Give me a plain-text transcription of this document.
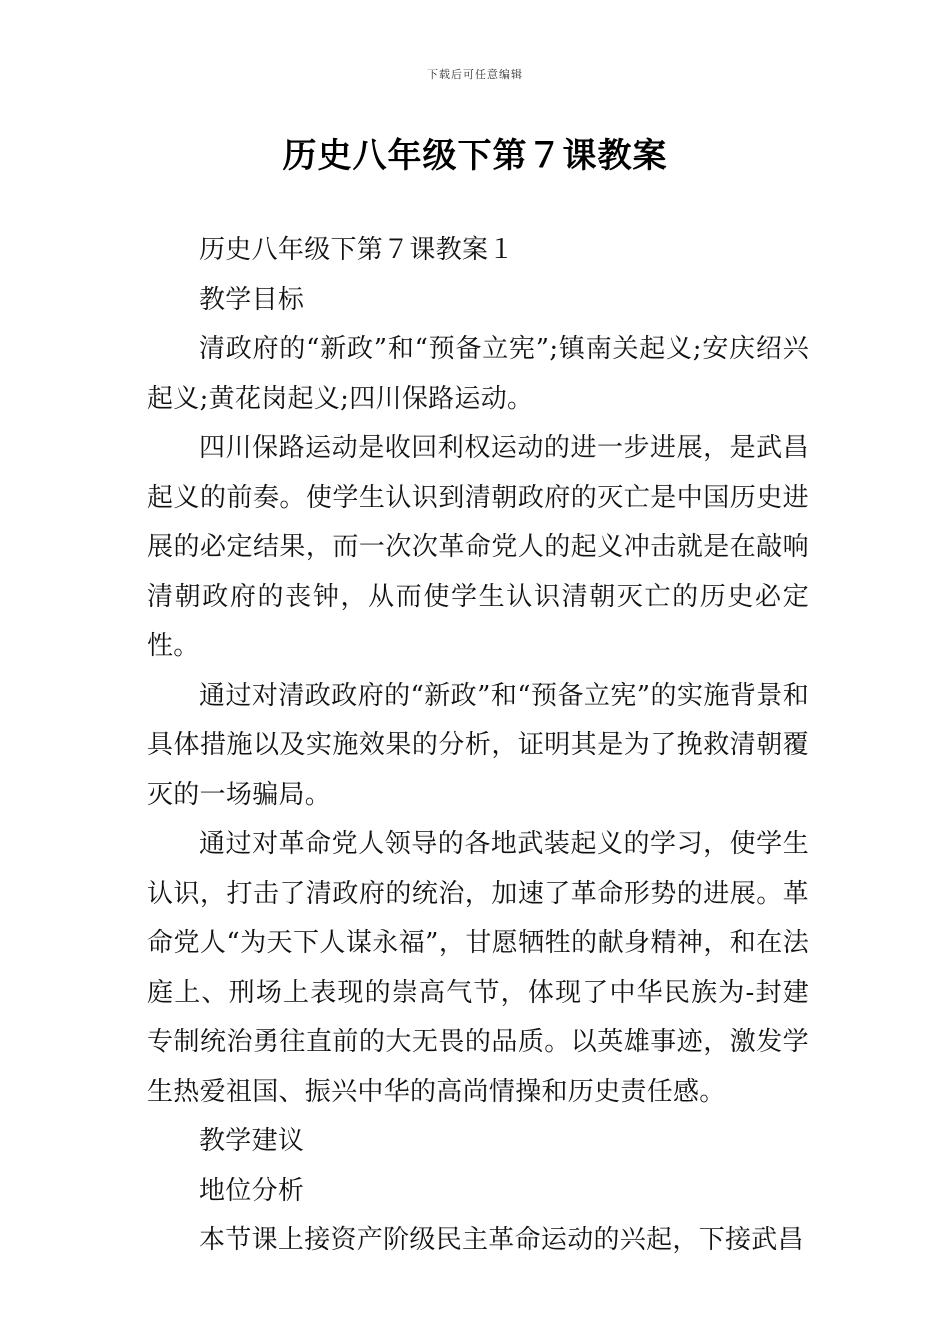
下载后可任意编辑
历史八年级下第７课教案

历史八年级下第７课教案１

教学目标

清政府的“新政”和“预备立宪”;镇南关起义;安庆绍兴起义;黄花岗起义;四川保路运动。

四川保路运动是收回利权运动的进一步进展，是武昌起义的前奏。使学生认识到清朝政府的灭亡是中国历史进展的必定结果，而一次次革命党人的起义冲击就是在敲响清朝政府的丧钟，从而使学生认识清朝灭亡的历史必定性。

通过对清政政府的“新政”和“预备立宪”的实施背景和具体措施以及实施效果的分析，证明其是为了挽救清朝覆灭的一场骗局。

通过对革命党人领导的各地武装起义的学习，使学生认识，打击了清政府的统治，加速了革命形势的进展。革命党人“为天下人谋永福”，甘愿牺牲的献身精神，和在法庭上、刑场上表现的崇高气节，体现了中华民族为-封建专制统治勇往直前的大无畏的品质。以英雄事迹，激发学生热爱祖国、振兴中华的高尚情操和历史责任感。

教学建议

地位分析

本节课上接资产阶级民主革命运动的兴起，下接武昌
